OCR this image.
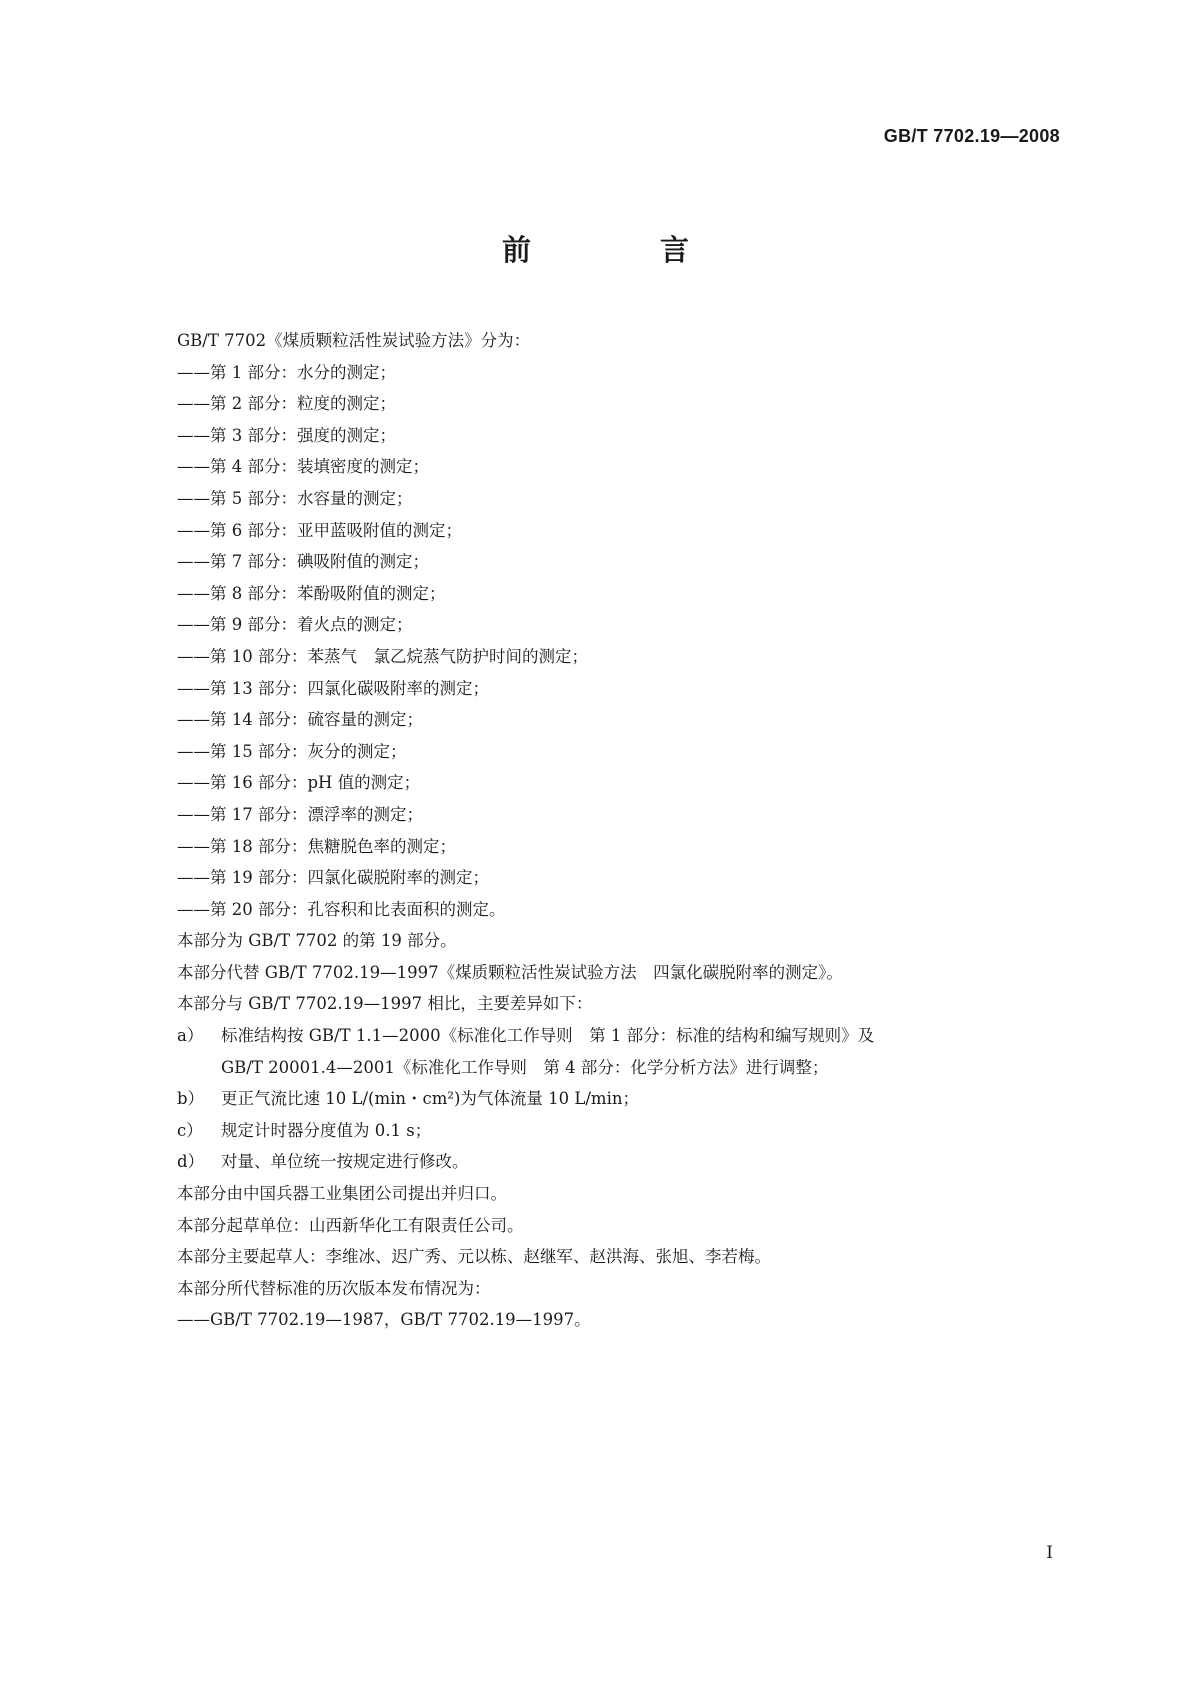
GB/T 7702.19—2008
前　言
GB/T 7702《煤质颗粒活性炭试验方法》分为：
——第 1 部分：水分的测定；
——第 2 部分：粒度的测定；
——第 3 部分：强度的测定；
——第 4 部分：装填密度的测定；
——第 5 部分：水容量的测定；
——第 6 部分：亚甲蓝吸附值的测定；
——第 7 部分：碘吸附值的测定；
——第 8 部分：苯酚吸附值的测定；
——第 9 部分：着火点的测定；
——第 10 部分：苯蒸气　氯乙烷蒸气防护时间的测定；
——第 13 部分：四氯化碳吸附率的测定；
——第 14 部分：硫容量的测定；
——第 15 部分：灰分的测定；
——第 16 部分：pH 值的测定；
——第 17 部分：漂浮率的测定；
——第 18 部分：焦糖脱色率的测定；
——第 19 部分：四氯化碳脱附率的测定；
——第 20 部分：孔容积和比表面积的测定。
本部分为 GB/T 7702 的第 19 部分。
本部分代替 GB/T 7702.19—1997《煤质颗粒活性炭试验方法　四氯化碳脱附率的测定》。
本部分与 GB/T 7702.19—1997 相比，主要差异如下：
a）	标准结构按 GB/T 1.1—2000《标准化工作导则　第 1 部分：标准的结构和编写规则》及
GB/T 20001.4—2001《标准化工作导则　第 4 部分：化学分析方法》进行调整；
b）	更正气流比速 10 L/(min・cm²)为气体流量 10 L/min；
c）	规定计时器分度值为 0.1 s；
d）	对量、单位统一按规定进行修改。
本部分由中国兵器工业集团公司提出并归口。
本部分起草单位：山西新华化工有限责任公司。
本部分主要起草人：李维冰、迟广秀、元以栋、赵继军、赵洪海、张旭、李若梅。
本部分所代替标准的历次版本发布情况为：
——GB/T 7702.19—1987，GB/T 7702.19—1997。
I
